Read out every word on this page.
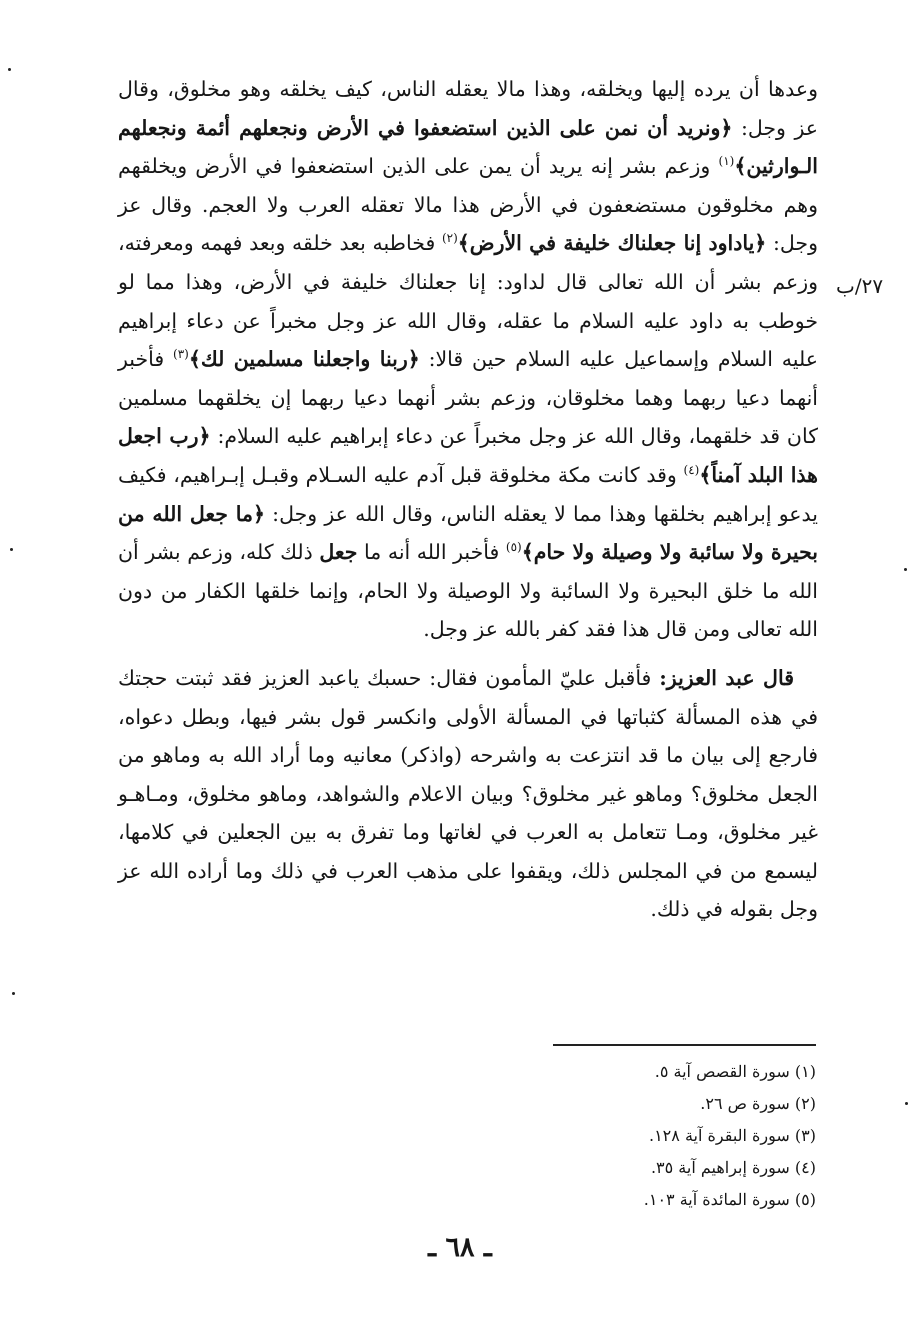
٢٧/ب

وعدها أن يرده إليها ويخلقه، وهذا مالا يعقله الناس، كيف يخلقه وهو مخلوق، وقال عز وجل: ﴿ونريد أن نمن على الذين استضعفوا في الأرض ونجعلهم أئمة ونجعلهم الـوارثين﴾$^{(١)}$ وزعم بشر إنه يريد أن يمن على الذين استضعفوا في الأرض ويخلقهم وهم مخلوقون مستضعفون في الأرض هذا مالا تعقله العرب ولا العجم. وقال عز وجل: ﴿ياداود إنا جعلناك خليفة في الأرض﴾$^{(٢)}$ فخاطبه بعد خلقه وبعد فهمه ومعرفته، وزعم بشر أن الله تعالى قال لداود: إنا جعلناك خليفة في الأرض، وهذا مما لو خوطب به داود عليه السلام ما عقله، وقال الله عز وجل مخبراً عن دعاء إبراهيم عليه السلام وإسماعيل عليه السلام حين قالا: ﴿ربنا واجعلنا مسلمين لك﴾$^{(٣)}$ فأخبر أنهما دعيا ربهما وهما مخلوقان، وزعم بشر أنهما دعيا ربهما إن يخلقهما مسلمين كان قد خلقهما، وقال الله عز وجل مخبراً عن دعاء إبراهيم عليه السلام: ﴿رب اجعل هذا البلد آمناً﴾$^{(٤)}$ وقد كانت مكة مخلوقة قبل آدم عليه السـلام وقبـل إبـراهيم، فكيف يدعو إبراهيم بخلقها وهذا مما لا يعقله الناس، وقال الله عز وجل: ﴿ما جعل الله من بحيرة ولا سائبة ولا وصيلة ولا حام﴾$^{(٥)}$ فأخبر الله أنه ما جعل ذلك كله، وزعم بشر أن الله ما خلق البحيرة ولا السائبة ولا الوصيلة ولا الحام، وإنما خلقها الكفار من دون الله تعالى ومن قال هذا فقد كفر بالله عز وجل.

قال عبد العزيز: فأقبل عليّ المأمون فقال: حسبك ياعبد العزيز فقد ثبتت حجتك في هذه المسألة كثباتها في المسألة الأولى وانكسر قول بشر فيها، وبطل دعواه، فارجع إلى بيان ما قد انتزعت به واشرحه (واذكر) معانيه وما أراد الله به وماهو من الجعل مخلوق؟ وماهو غير مخلوق؟ وبيان الاعلام والشواهد، وماهو مخلوق، ومـاهـو غير مخلوق، ومـا تتعامل به العرب في لغاتها وما تفرق به بين الجعلين في كلامها، ليسمع من في المجلس ذلك، ويقفوا على مذهب العرب في ذلك وما أراده الله عز وجل بقوله في ذلك.

(١) سورة القصص آية ٥.
(٢) سورة ص ٢٦.
(٣) سورة البقرة آية ١٢٨.
(٤) سورة إبراهيم آية ٣٥.
(٥) سورة المائدة آية ١٠٣.
ـ ٦٨ ـ
